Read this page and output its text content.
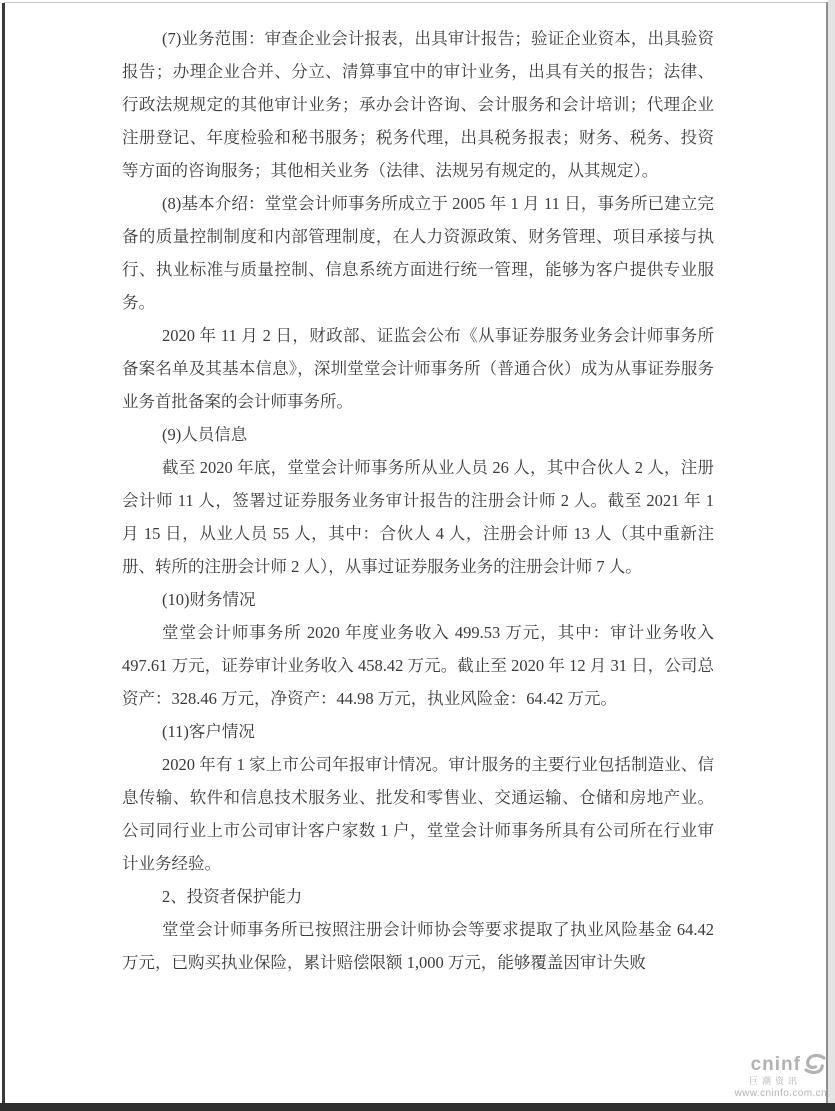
(7)业务范围：审查企业会计报表，出具审计报告；验证企业资本，出具验资报告；办理企业合并、分立、清算事宜中的审计业务，出具有关的报告；法律、行政法规规定的其他审计业务；承办会计咨询、会计服务和会计培训；代理企业注册登记、年度检验和秘书服务；税务代理，出具税务报表；财务、税务、投资等方面的咨询服务；其他相关业务（法律、法规另有规定的，从其规定）。

(8)基本介绍：堂堂会计师事务所成立于 2005 年 1 月 11 日，事务所已建立完备的质量控制制度和内部管理制度，在人力资源政策、财务管理、项目承接与执行、执业标准与质量控制、信息系统方面进行统一管理，能够为客户提供专业服务。

2020 年 11 月 2 日，财政部、证监会公布《从事证券服务业务会计师事务所备案名单及其基本信息》，深圳堂堂会计师事务所（普通合伙）成为从事证券服务业务首批备案的会计师事务所。

(9)人员信息

截至 2020 年底，堂堂会计师事务所从业人员 26 人，其中合伙人 2 人，注册会计师 11 人，签署过证券服务业务审计报告的注册会计师 2 人。截至 2021 年 1 月 15 日，从业人员 55 人，其中：合伙人 4 人，注册会计师 13 人（其中重新注册、转所的注册会计师 2 人），从事过证券服务业务的注册会计师 7 人。

(10)财务情况

堂堂会计师事务所 2020 年度业务收入 499.53 万元，其中：审计业务收入 497.61 万元，证券审计业务收入 458.42 万元。截止至 2020 年 12 月 31 日，公司总资产：328.46 万元，净资产：44.98 万元，执业风险金：64.42 万元。

(11)客户情况

2020 年有 1 家上市公司年报审计情况。审计服务的主要行业包括制造业、信息传输、软件和信息技术服务业、批发和零售业、交通运输、仓储和房地产业。公司同行业上市公司审计客户家数 1 户，堂堂会计师事务所具有公司所在行业审计业务经验。

2、投资者保护能力

堂堂会计师事务所已按照注册会计师协会等要求提取了执业风险基金 64.42 万元，已购买执业保险，累计赔偿限额 1,000 万元，能够覆盖因审计失败

cninf
巨潮资讯
www.cninfo.com.cn
